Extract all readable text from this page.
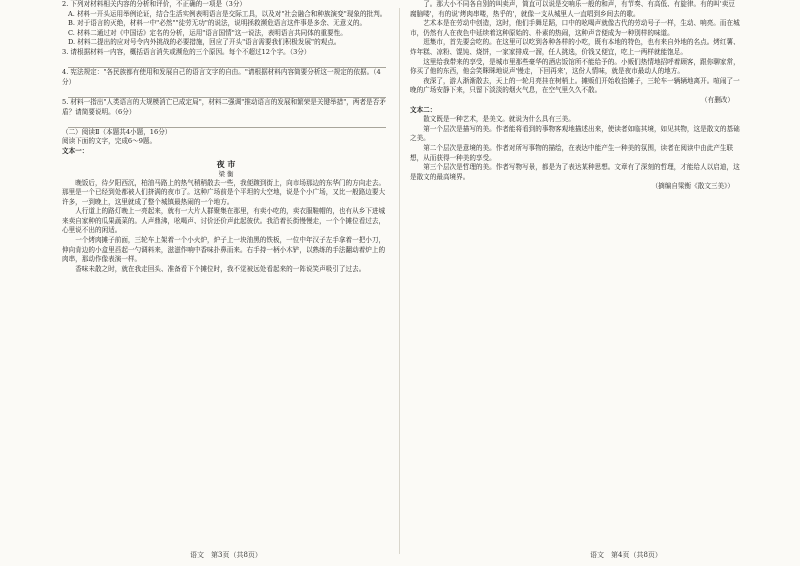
2. 下列对材料相关内容的分析和评价，不正确的一项是（3分）

A. 材料一开头运用举例论证，结合生活实例表明语言是交际工具，以及对"社会融合和种族演变"现象的批判。

B. 对于语言的灭绝，材料一中"必然""徒劳无功"的说法，说明拯救濒危语言这件事是多余、无意义的。

C. 材料二通过对《中国话》定名的分析，运用"语言国情"这一说法，表明语言共同体的重要性。

D. 材料二提出的应对号令内外挑战的必要措施，回应了开头"语言需要我们积极发展"的观点。

3. 请根据材料一内容，概括语言消失或濒危的三个原因。每个不超过12个字。（3分）

4. 宪法规定："各民族都有使用和发展自己的语言文字的自由。"请根据材料内容简要分析这一规定的依据。（4分）

5. 材料一指出"人类语言的大规模消亡已成定局"，材料二强调"推动语言的发展和繁荣是关键举措"，两者是否矛盾？请简要说明。（6分）

（二）阅读Ⅱ（本题共4小题，16分）

阅读下面的文字，完成6～9题。

文本一：

夜 市

梁 衡

晚饭后，待夕阳西沉，柏油马路上的热气稍稍散去一些，我便踱到街上，向市场那边的东华门的方向走去。那里是一个已经到处都被人们挤满的夜市了。这种广场前是个平坦的大空地，说是个小广场，又比一般路边要大许多，一到晚上，这里就成了整个城镇最热闹的一个地方。

人行道上的路灯晚上一亮起来，就有一大片人群聚集在那里，有卖小吃的，卖衣服鞋帽的，也有从乡下进城来卖自家种的瓜果蔬菜的。人声鼎沸，吆喝声、讨价还价声此起彼伏。我沿着长街慢慢走，一个个摊位看过去，心里说不出的闲适。

一个烤肉摊子前面，三轮车上架着一个小火炉，炉子上一块油黑的铁板，一位中年汉子左手拿着一把小刀，伸向肯边的小盒里舀起一勺调料来，滋滋作响中香味扑鼻而来。右手持一柄小木铲，以熟练的手法翻动着炉上的肉串，那动作像表演一样。

香味未散之时，就在我走回头、准备看下个摊位时，我不觉被远处看起来的一阵说笑声吸引了过去。

了。那大小不同各自别的叫卖声，简直可以说是交响乐一般的和声，有节奏、有高低、有旋律。有的叫'卖豆腐脑喽'，有的说'烤肉串喽，热乎的'，就像一支从城里人一直唱到乡间去的歌。

艺术本是在劳动中创造，这时，他们手舞足蹈，口中的吆喝声就像古代的劳动号子一样，生动、响亮。而在城市，仍然有人在夜色中延续着这种原始的、朴素的热闹，这种声音便成为一种别样的味道。

逛集市，首先要会吃的。在这里可以吃到各种各样的小吃，既有本地的特色，也有来自外地的名点。烤红薯、炸年糕、凉粉、馄饨、烧饼，一家家排成一溜，任人挑选，价钱又便宜，吃上一两样就能饱足。

这里给我带来的享受，是城市里那些豪华的酒店饭馆所不能给予的。小贩们热情地招呼着顾客，跟你聊家常，你买了他的东西，他会笑眯眯地说声'慢走，下回再来'，这份人情味，就是夜市最动人的地方。

夜深了，游人渐渐散去，天上的一轮月亮挂在树梢上。摊贩们开始收拾摊子，三轮车一辆辆地离开。喧闹了一晚的广场安静下来，只留下淡淡的烟火气息，在空气里久久不散。

（有删改）

文本二：

散文既是一种艺术，是美文。就说为什么具有三美。

第一个层次是描写的美。作者能将看到的事物客观地描述出来，使读者如临其境，如见其物，这是散文的基础之美。

第二个层次是意境的美。作者对所写事物的描绘，在表达中能产生一种美的氛围，读者在阅读中由此产生联想，从而获得一种美的享受。

第三个层次是哲理的美。作者写物写景，都是为了表达某种思想。文章有了深刻的哲理，才能给人以启迪，这是散文的最高境界。

（摘编自梁衡《散文三美》）

语文　第3页（共8页）	语文　第4页（共8页）
